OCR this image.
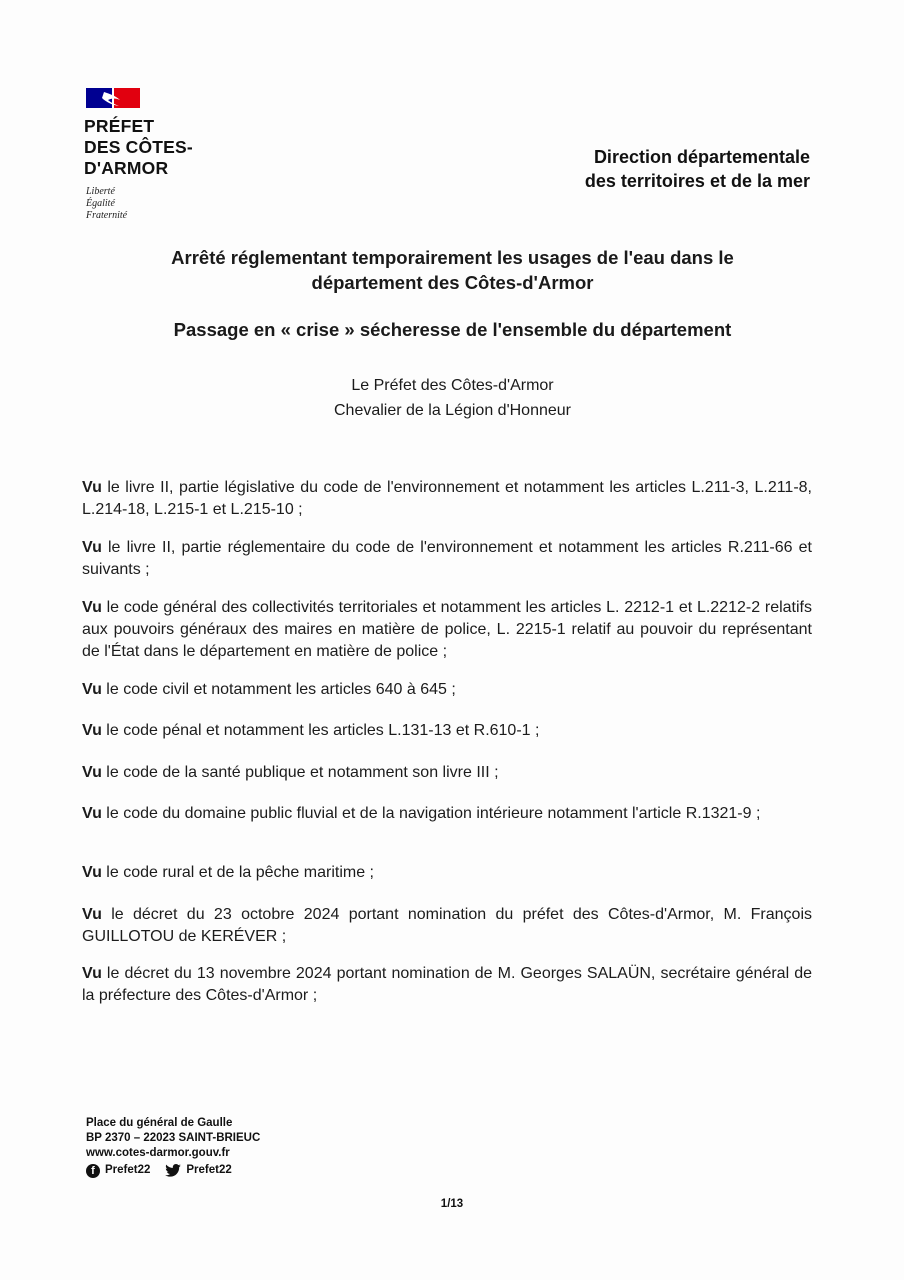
PRÉFET
DES CÔTES-
D'ARMOR
Liberté
Égalité
Fraternité
Direction départementale
des territoires et de la mer
Arrêté réglementant temporairement les usages de l'eau dans le
département des Côtes-d'Armor
Passage en « crise » sécheresse de l'ensemble du département
Le Préfet des Côtes-d'Armor
Chevalier de la Légion d'Honneur
Vu le livre II, partie législative du code de l'environnement et notamment les articles L.211-3, L.211-8, L.214-18, L.215-1 et L.215-10 ;
Vu le livre II, partie réglementaire du code de l'environnement et notamment les articles R.211-66 et suivants ;
Vu le code général des collectivités territoriales et notamment les articles L. 2212-1 et L.2212-2 relatifs aux pouvoirs généraux des maires en matière de police, L. 2215-1 relatif au pouvoir du représentant de l'État dans le département en matière de police ;
Vu le code civil et notamment les articles 640 à 645 ;
Vu le code pénal et notamment les articles L.131-13 et R.610-1 ;
Vu le code de la santé publique et notamment son livre III ;
Vu le code du domaine public fluvial et de la navigation intérieure notamment l'article R.1321-9 ;
Vu le code rural et de la pêche maritime ;
Vu le décret du 23 octobre 2024 portant nomination du préfet des Côtes-d'Armor, M. François GUILLOTOU de KERÉVER ;
Vu le décret du 13 novembre 2024 portant nomination de M. Georges SALAÜN, secrétaire général de la préfecture des Côtes-d'Armor ;
Place du général de Gaulle
BP 2370 – 22023 SAINT-BRIEUC
www.cotes-darmor.gouv.fr
f Prefet22	Prefet22
1/13
